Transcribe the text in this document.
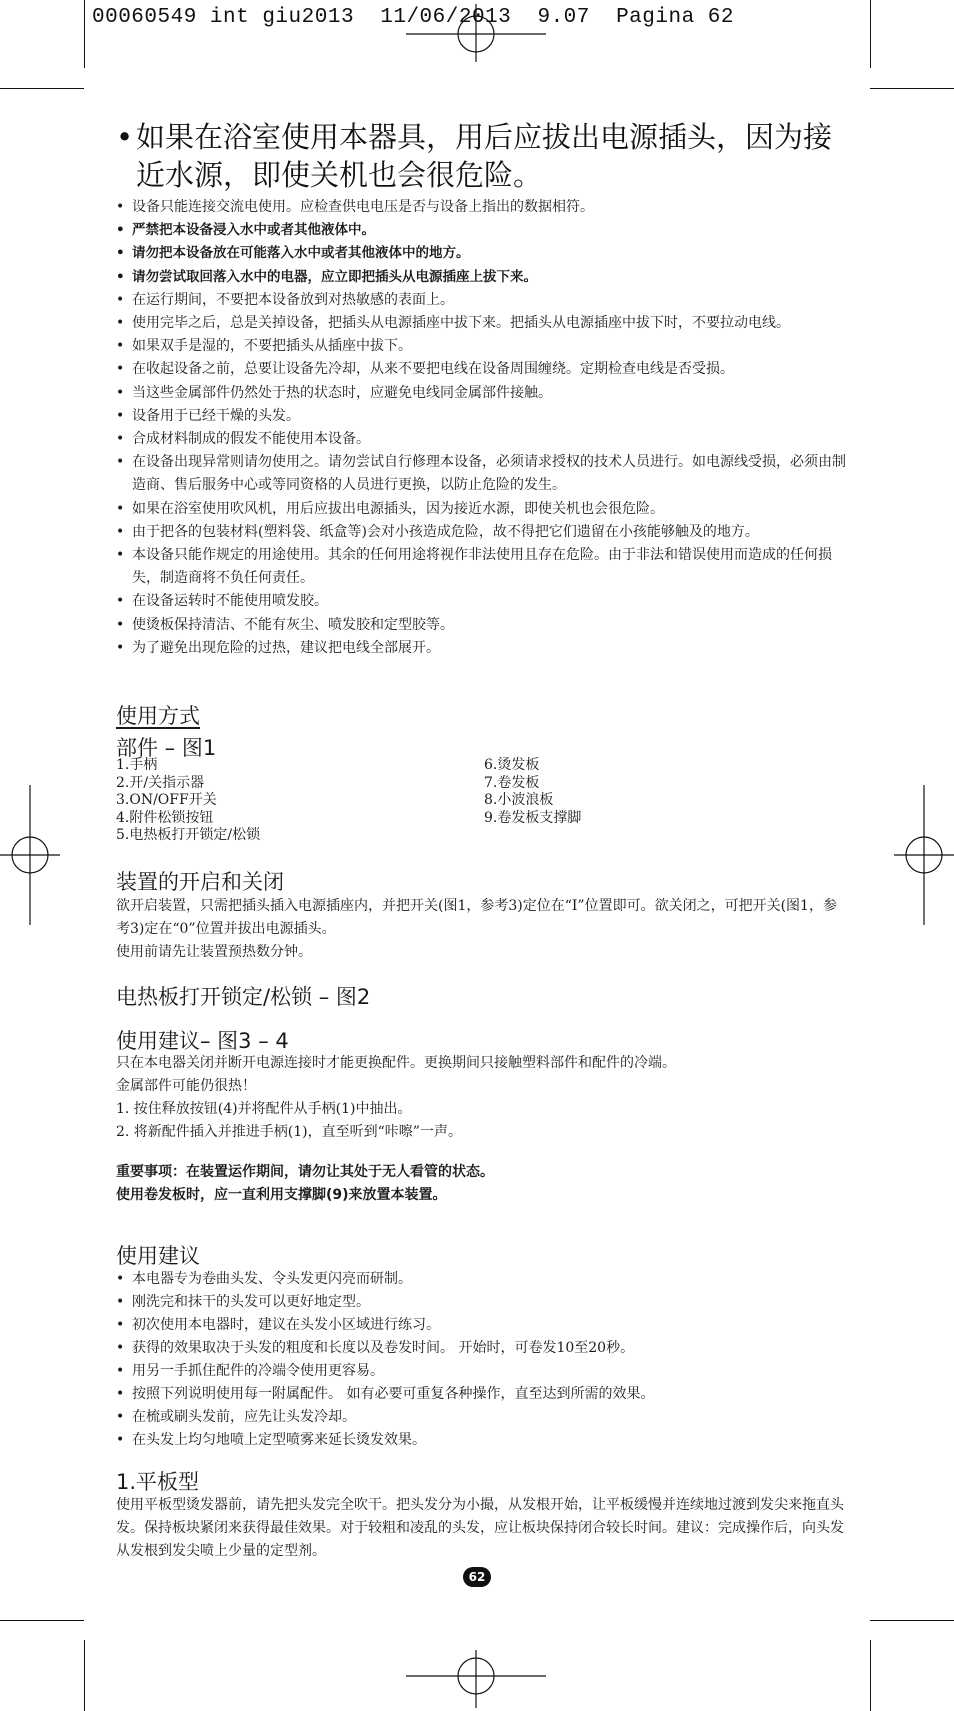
00060549 int giu2013  11/06/2013  9.07  Pagina 62
• 如果在浴室使用本器具，用后应拔出电源插头，因为接近水源，即使关机也会很危险。
• 设备只能连接交流电使用。应检查供电电压是否与设备上指出的数据相符。
• 严禁把本设备浸入水中或者其他液体中。
• 请勿把本设备放在可能落入水中或者其他液体中的地方。
• 请勿尝试取回落入水中的电器，应立即把插头从电源插座上拔下来。
• 在运行期间，不要把本设备放到对热敏感的表面上。
• 使用完毕之后，总是关掉设备，把插头从电源插座中拔下来。把插头从电源插座中拔下时，不要拉动电线。
• 如果双手是湿的，不要把插头从插座中拔下。
• 在收起设备之前，总要让设备先冷却，从来不要把电线在设备周围缠绕。定期检查电线是否受损。
• 当这些金属部件仍然处于热的状态时，应避免电线同金属部件接触。
• 设备用于已经干燥的头发。
• 合成材料制成的假发不能使用本设备。
• 在设备出现异常则请勿使用之。请勿尝试自行修理本设备，必须请求授权的技术人员进行。如电源线受损，必须由制造商、售后服务中心或等同资格的人员进行更换，以防止危险的发生。
• 如果在浴室使用吹风机，用后应拔出电源插头，因为接近水源，即使关机也会很危险。
• 由于把各的包装材料(塑料袋、纸盒等)会对小孩造成危险，故不得把它们遗留在小孩能够触及的地方。
• 本设备只能作规定的用途使用。其余的任何用途将视作非法使用且存在危险。由于非法和错误使用而造成的任何损失，制造商将不负任何责任。
• 在设备运转时不能使用喷发胶。
• 使烫板保持清洁、不能有灰尘、喷发胶和定型胶等。
• 为了避免出现危险的过热，建议把电线全部展开。
使用方式
部件 – 图1
1.手柄
2.开/关指示器
3.ON/OFF开关
4.附件松锁按钮
5.电热板打开锁定/松锁
6.烫发板
7.卷发板
8.小波浪板
9.卷发板支撑脚
装置的开启和关闭
欲开启装置，只需把插头插入电源插座内，并把开关(图1，参考3)定位在“I”位置即可。欲关闭之，可把开关(图1，参考3)定在“0”位置并拔出电源插头。
使用前请先让装置预热数分钟。
电热板打开锁定/松锁 – 图2
使用建议– 图3 – 4
只在本电器关闭并断开电源连接时才能更换配件。更换期间只接触塑料部件和配件的冷端。
金属部件可能仍很热！
1. 按住释放按钮(4)并将配件从手柄(1)中抽出。
2. 将新配件插入并推进手柄(1)，直至听到“咔嚓”一声。
重要事项：在装置运作期间，请勿让其处于无人看管的状态。
使用卷发板时，应一直利用支撑脚(9)来放置本装置。
使用建议
• 本电器专为卷曲头发、令头发更闪亮而研制。
• 刚洗完和抹干的头发可以更好地定型。
• 初次使用本电器时，建议在头发小区域进行练习。
• 获得的效果取决于头发的粗度和长度以及卷发时间。 开始时，可卷发10至20秒。
• 用另一手抓住配件的冷端令使用更容易。
• 按照下列说明使用每一附属配件。 如有必要可重复各种操作，直至达到所需的效果。
• 在梳或刷头发前，应先让头发冷却。
• 在头发上均匀地喷上定型喷雾来延长烫发效果。
1.平板型
使用平板型烫发器前，请先把头发完全吹干。把头发分为小撮，从发根开始，让平板缓慢并连续地过渡到发尖来拖直头发。保持板块紧闭来获得最佳效果。对于较粗和凌乱的头发，应让板块保持闭合较长时间。建议：完成操作后，向头发从发根到发尖喷上少量的定型剂。
62
